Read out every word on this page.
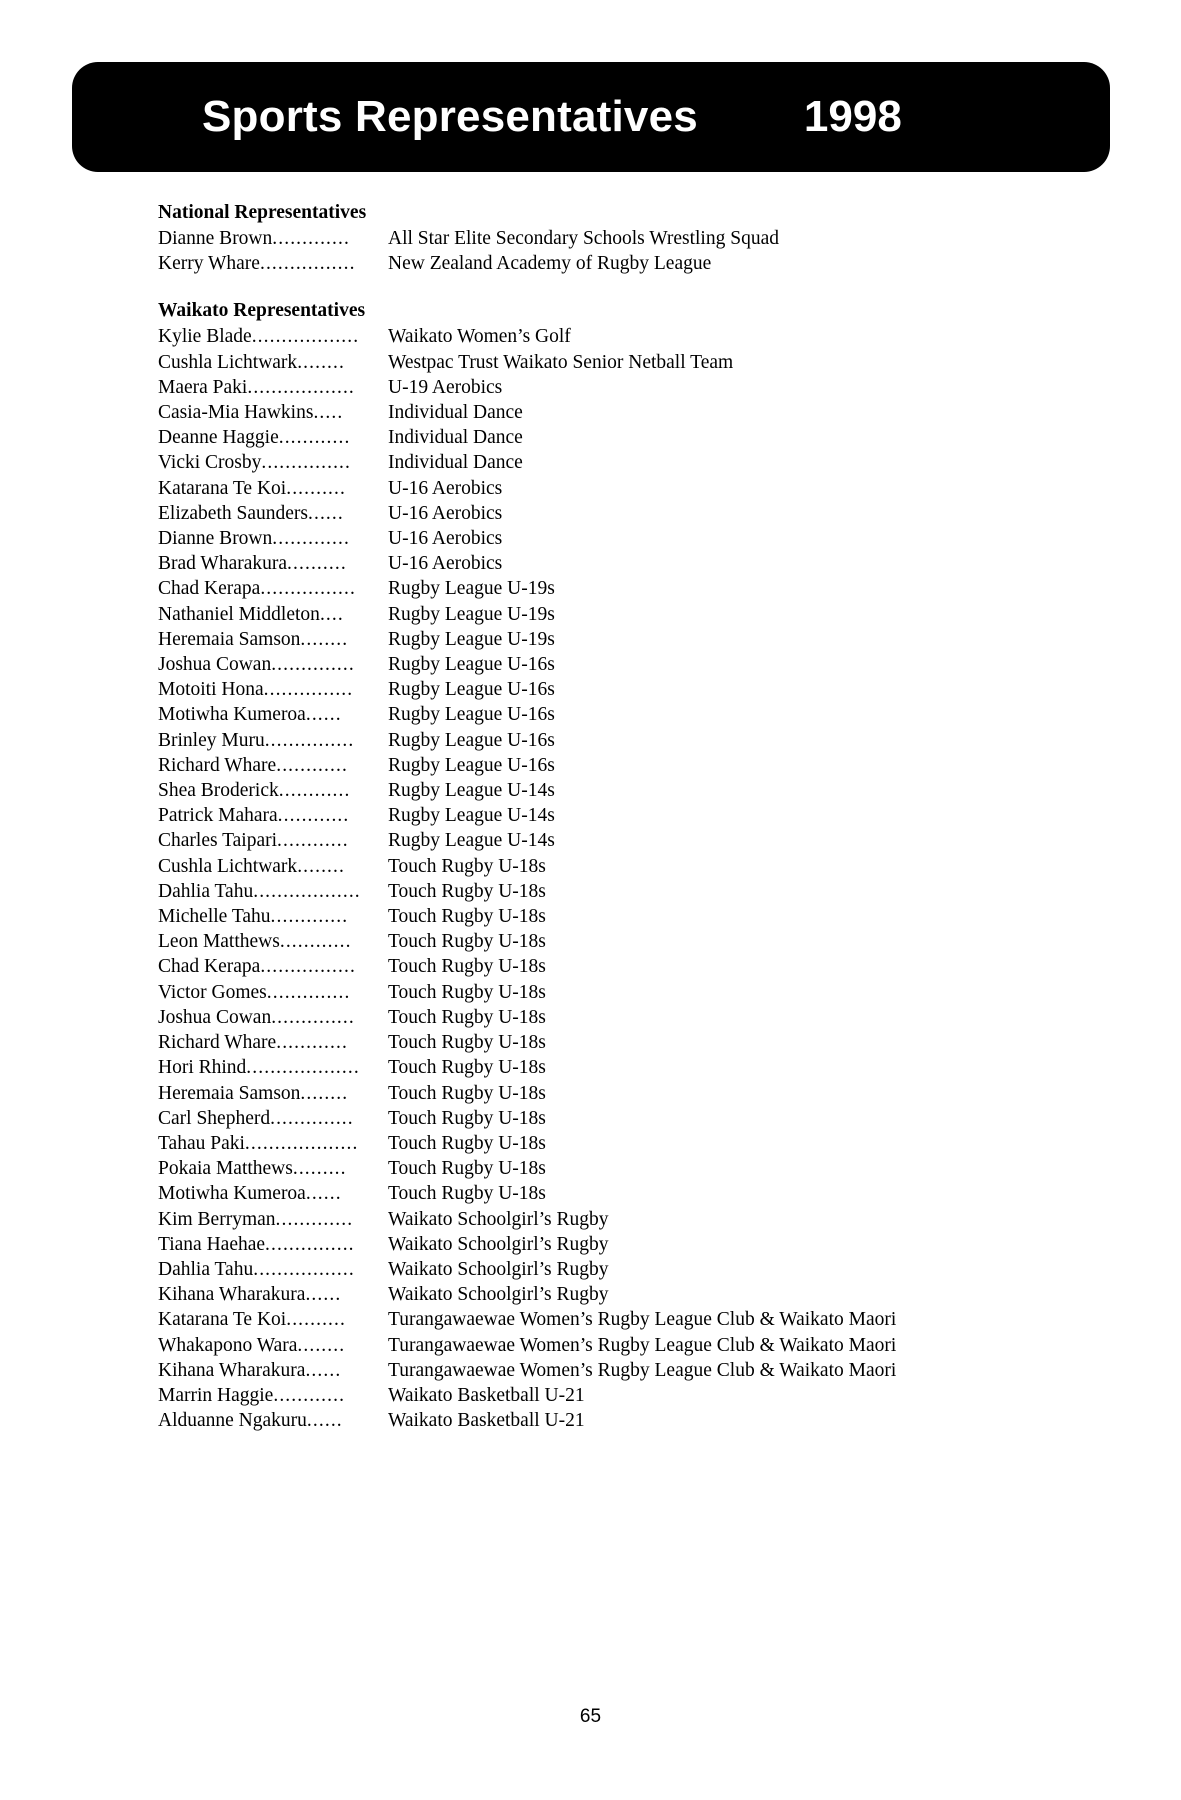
Sports Representatives 1998
National Representatives
Dianne Brown .............	All Star Elite Secondary Schools Wrestling Squad
Kerry Whare ................	New Zealand Academy of Rugby League
Waikato Representatives
Kylie Blade ..................	Waikato Women’s Golf
Cushla Lichtwark ........	Westpac Trust Waikato Senior Netball Team
Maera Paki ..................	U-19 Aerobics
Casia-Mia Hawkins .....	Individual Dance
Deanne Haggie ............	Individual Dance
Vicki Crosby ...............	Individual Dance
Katarana Te Koi ..........	U-16 Aerobics
Elizabeth Saunders ......	U-16 Aerobics
Dianne Brown .............	U-16 Aerobics
Brad Wharakura ..........	U-16 Aerobics
Chad Kerapa ................	Rugby League U-19s
Nathaniel Middleton ....	Rugby League U-19s
Heremaia Samson ........	Rugby League U-19s
Joshua Cowan ..............	Rugby League U-16s
Motoiti Hona ...............	Rugby League U-16s
Motiwha Kumeroa ......	Rugby League U-16s
Brinley Muru ...............	Rugby League U-16s
Richard Whare ............	Rugby League U-16s
Shea Broderick ............	Rugby League U-14s
Patrick Mahara ............	Rugby League U-14s
Charles Taipari ............	Rugby League U-14s
Cushla Lichtwark ........	Touch Rugby U-18s
Dahlia Tahu ..................	Touch Rugby U-18s
Michelle Tahu .............	Touch Rugby U-18s
Leon Matthews ............	Touch Rugby U-18s
Chad Kerapa ................	Touch Rugby U-18s
Victor Gomes ..............	Touch Rugby U-18s
Joshua Cowan ..............	Touch Rugby U-18s
Richard Whare ............	Touch Rugby U-18s
Hori Rhind ...................	Touch Rugby U-18s
Heremaia Samson ........	Touch Rugby U-18s
Carl Shepherd ..............	Touch Rugby U-18s
Tahau Paki ...................	Touch Rugby U-18s
Pokaia Matthews .........	Touch Rugby U-18s
Motiwha Kumeroa ......	Touch Rugby U-18s
Kim Berryman .............	Waikato Schoolgirl’s Rugby
Tiana Haehae ...............	Waikato Schoolgirl’s Rugby
Dahlia Tahu .................	Waikato Schoolgirl’s Rugby
Kihana Wharakura ......	Waikato Schoolgirl’s Rugby
Katarana Te Koi ..........	Turangawaewae Women’s Rugby League Club & Waikato Maori
Whakapono Wara ........	Turangawaewae Women’s Rugby League Club & Waikato Maori
Kihana Wharakura ......	Turangawaewae Women’s Rugby League Club & Waikato Maori
Marrin Haggie ............	Waikato Basketball U-21
Alduanne Ngakuru ......	Waikato Basketball U-21
65
